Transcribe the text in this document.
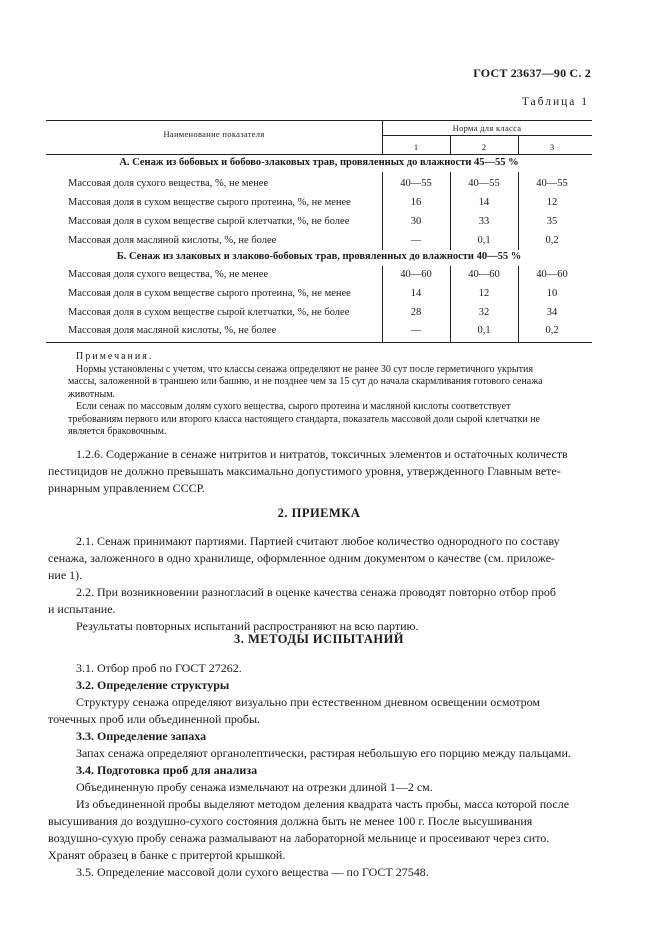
ГОСТ 23637—90 С. 2
Таблица 1
Наименование показателя
Норма для класса
1	2	3
А. Сенаж из бобовых и бобово-злаковых трав, провяленных до влажности 45—55 %
Массовая доля сухого вещества, %, не менее	40—55	40—55	40—55
Массовая доля в сухом веществе сырого протеина, %, не менее	16	14	12
Массовая доля в сухом веществе сырой клетчатки, %, не более	30	33	35
Массовая доля масляной кислоты, %, не более	—	0,1	0,2
Б. Сенаж из злаковых и злаково-бобовых трав, провяленных до влажности 40—55 %
Массовая доля сухого вещества, %, не менее	40—60	40—60	40—60
Массовая доля в сухом веществе сырого протеина, %, не менее	14	12	10
Массовая доля в сухом веществе сырой клетчатки, %, не более	28	32	34
Массовая доля масляной кислоты, %, не более	—	0,1	0,2
Примечания.
Нормы установлены с учетом, что классы сенажа определяют не ранее 30 сут после герметичного укрытия
массы, заложенной в траншею или башню, и не позднее чем за 15 сут до начала скармливания готового сенажа
животным.
Если сенаж по массовым долям сухого вещества, сырого протеина и масляной кислоты соответствует
требованиям первого или второго класса настоящего стандарта, показатель массовой доли сырой клетчатки не
является браковочным.
1.2.6. Содержание в сенаже нитритов и нитратов, токсичных элементов и остаточных количеств
пестицидов не должно превышать максимально допустимого уровня, утвержденного Главным вете-
ринарным управлением СССР.
2. ПРИЕМКА
2.1. Сенаж принимают партиями. Партией считают любое количество однородного по составу
сенажа, заложенного в одно хранилище, оформленное одним документом о качестве (см. приложе-
ние 1).
2.2. При возникновении разногласий в оценке качества сенажа проводят повторно отбор проб
и испытание.
Результаты повторных испытаний распространяют на всю партию.
3. МЕТОДЫ ИСПЫТАНИЙ
3.1. Отбор проб по ГОСТ 27262.
3.2. Определение структуры
Структуру сенажа определяют визуально при естественном дневном освещении осмотром
точечных проб или объединенной пробы.
3.3. Определение запаха
Запах сенажа определяют органолептически, растирая небольшую его порцию между пальцами.
3.4. Подготовка проб для анализа
Объединенную пробу сенажа измельчают на отрезки длиной 1—2 см.
Из объединенной пробы выделяют методом деления квадрата часть пробы, масса которой после
высушивания до воздушно-сухого состояния должна быть не менее 100 г. После высушивания
воздушно-сухую пробу сенажа размалывают на лабораторной мельнице и просеивают через сито.
Хранят образец в банке с притертой крышкой.
3.5. Определение массовой доли сухого вещества — по ГОСТ 27548.
